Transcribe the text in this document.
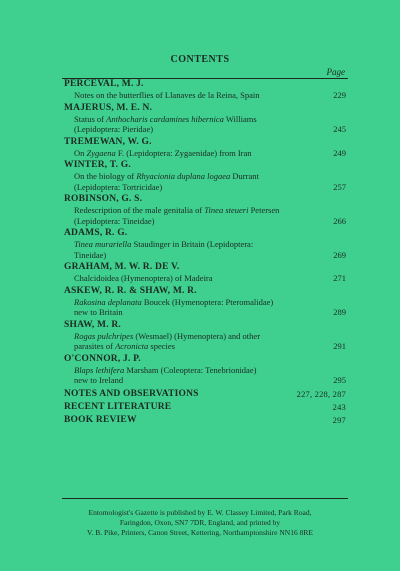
CONTENTS
Page
PERCEVAL, M. J.
Notes on the butterflies of Llanaves de la Reina, Spain	229
MAJERUS, M. E. N.
Status of Anthocharis cardamines hibernica Williams
(Lepidoptera: Pieridae)	245
TREMEWAN, W. G.
On Zygaena F. (Lepidoptera: Zygaenidae) from Iran	249
WINTER, T. G.
On the biology of Rhyacionia duplana logaea Durrant
(Lepidoptera: Tortricidae)	257
ROBINSON, G. S.
Redescription of the male genitalia of Tinea steueri Petersen
(Lepidoptera: Tineidae)	266
ADAMS, R. G.
Tinea murariella Staudinger in Britain (Lepidoptera:
Tineidae)	269
GRAHAM, M. W. R. DE V.
Chalcidoidea (Hymenoptera) of Madeira	271
ASKEW, R. R. & SHAW, M. R.
Rakosina deplanata Boucek (Hymenoptera: Pteromalidae)
new to Britain	289
SHAW, M. R.
Rogas pulchripes (Wesmael) (Hymenoptera) and other
parasites of Acronicta species	291
O'CONNOR, J. P.
Blaps lethifera Marsham (Coleoptera: Tenebrionidae)
new to Ireland	295
NOTES AND OBSERVATIONS	227, 228, 287
RECENT LITERATURE	243
BOOK REVIEW	297
Entomologist's Gazette is published by E. W. Classey Limited, Park Road,
Faringdon, Oxon, SN7 7DR, England, and printed by
V. B. Pike, Printers, Canon Street, Kettering, Northamptonshire NN16 8RE
